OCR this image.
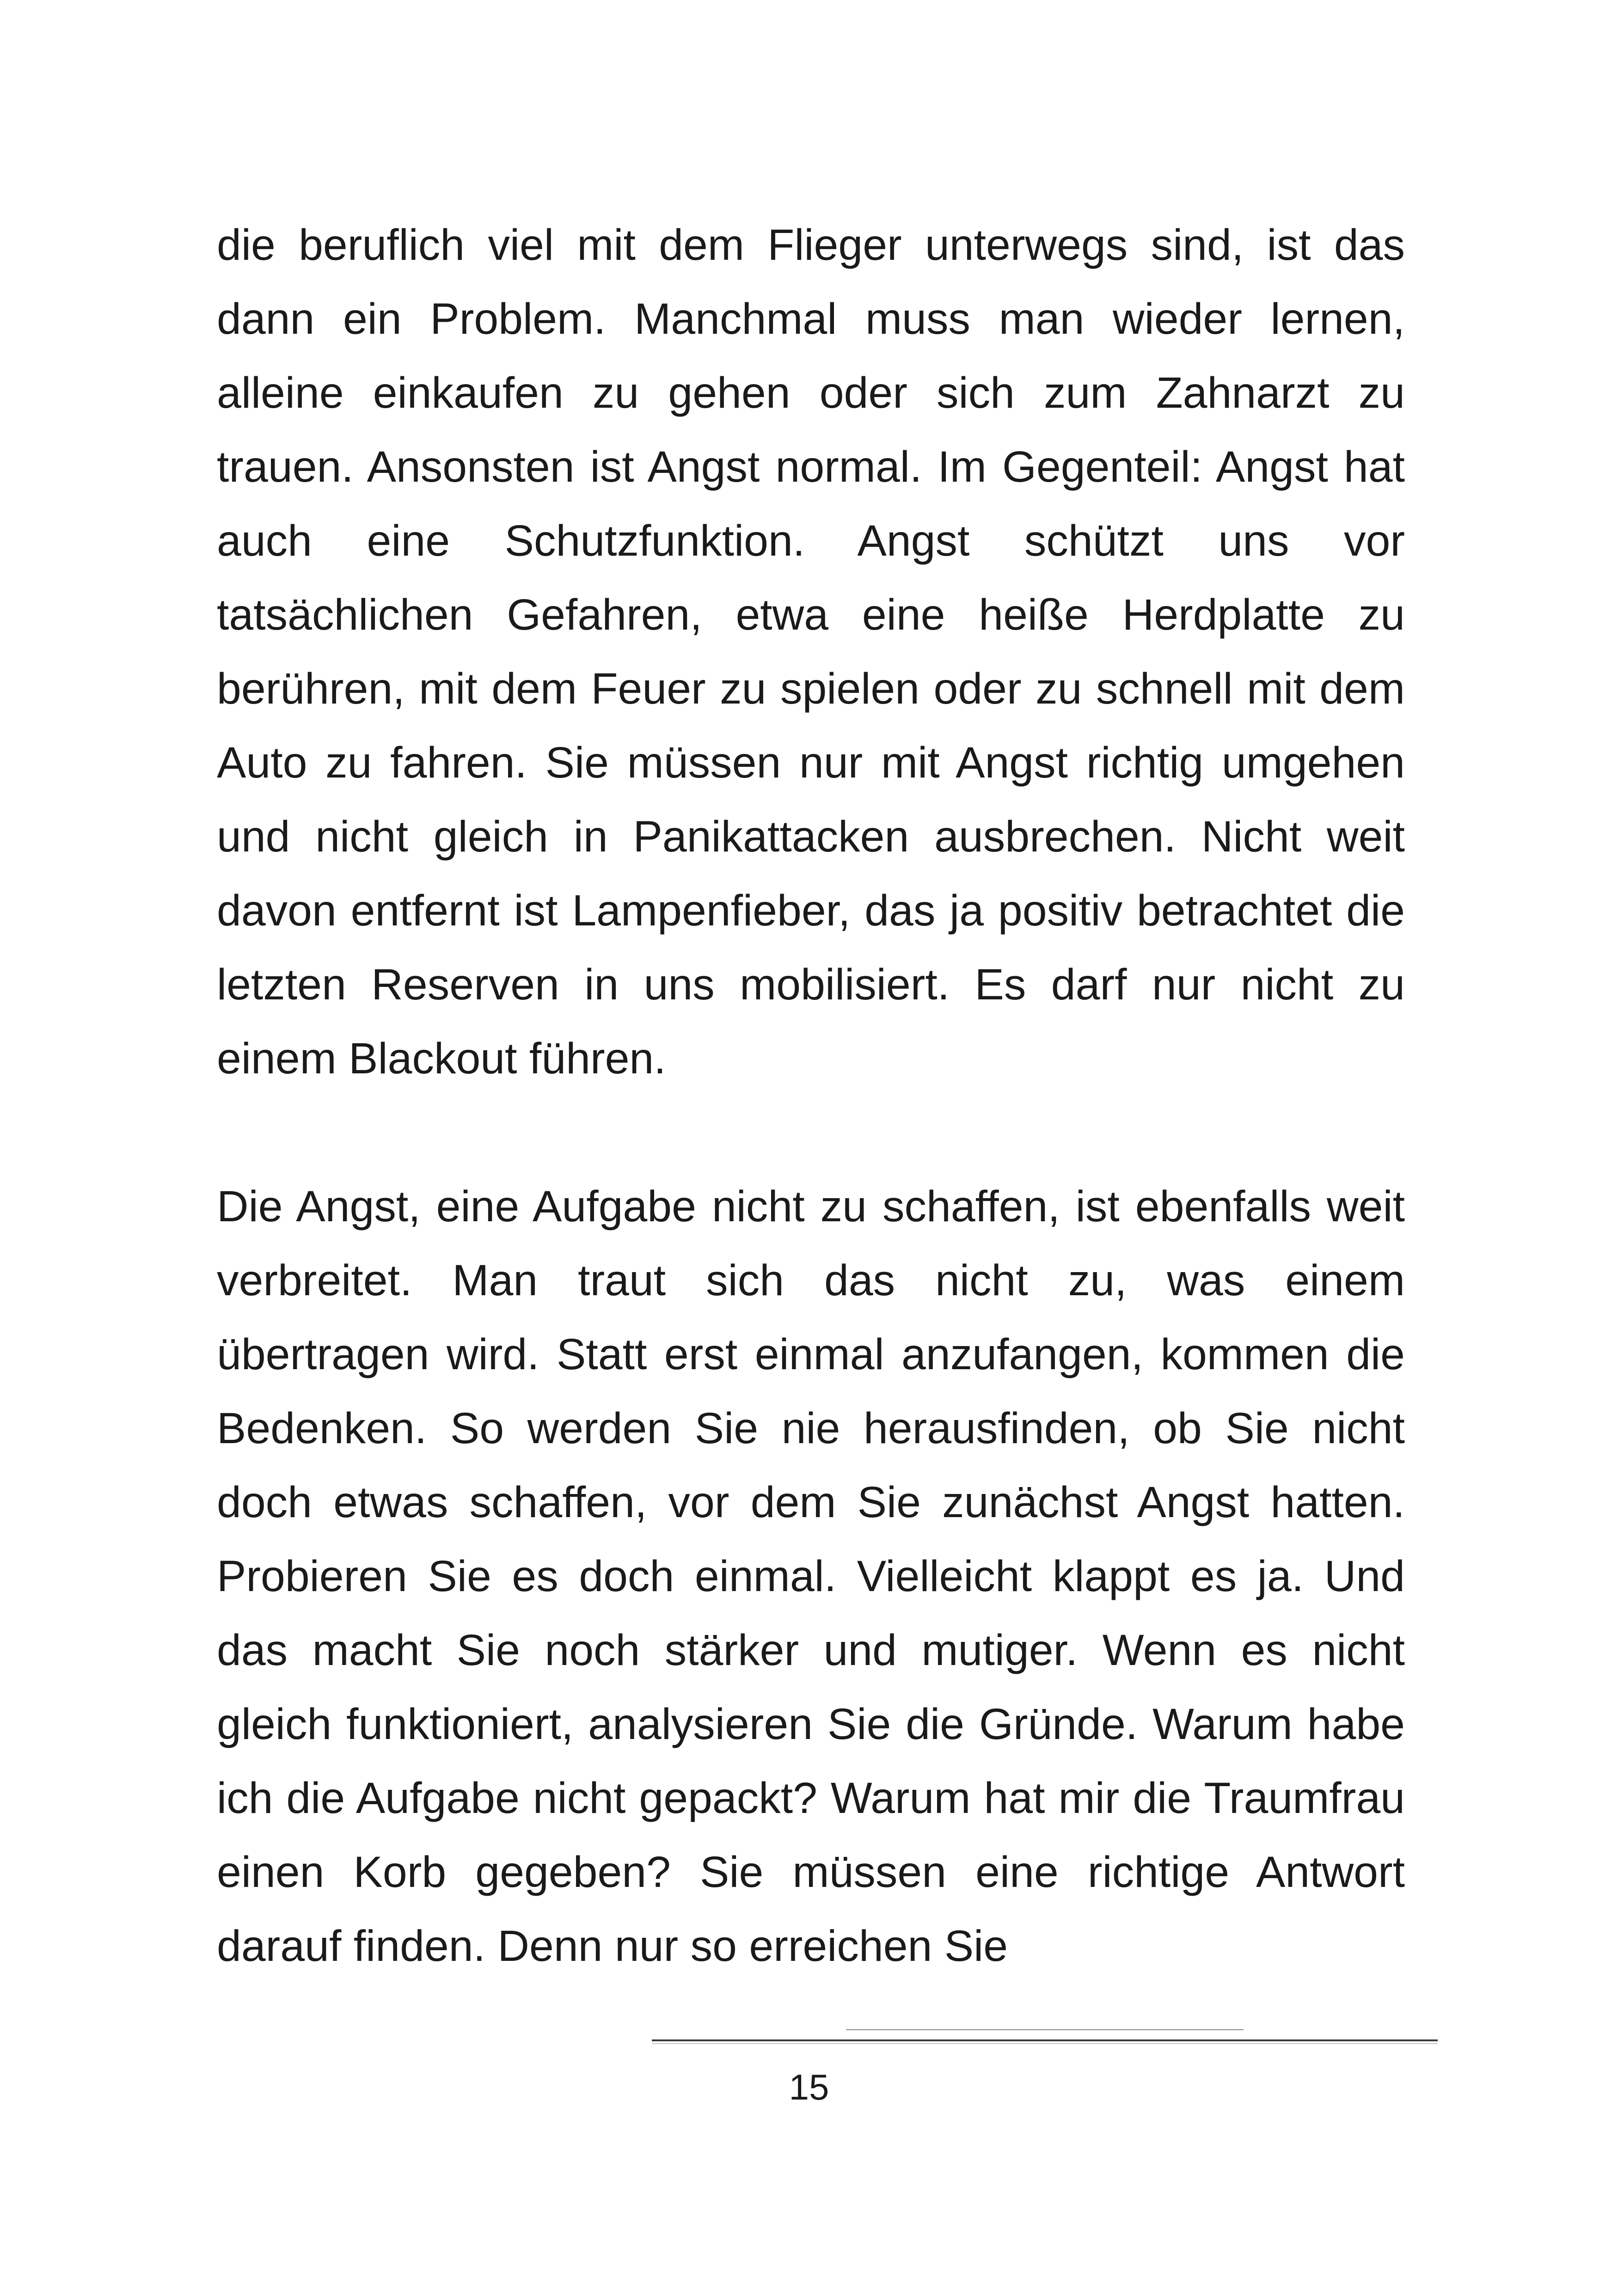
die beruflich viel mit dem Flieger unterwegs sind, ist das dann ein Problem. Manchmal muss man wieder lernen, alleine einkaufen zu gehen oder sich zum Zahnarzt zu trauen. Ansonsten ist Angst normal. Im Gegenteil: Angst hat auch eine Schutzfunktion. Angst schützt uns vor tatsächlichen Gefahren, etwa eine heiße Herdplatte zu berühren, mit dem Feuer zu spielen oder zu schnell mit dem Auto zu fahren. Sie müssen nur mit Angst richtig umgehen und nicht gleich in Panikattacken ausbrechen. Nicht weit davon entfernt ist Lampenfieber, das ja positiv betrachtet die letzten Reserven in uns mobilisiert. Es darf nur nicht zu einem Blackout führen.

Die Angst, eine Aufgabe nicht zu schaffen, ist ebenfalls weit verbreitet. Man traut sich das nicht zu, was einem übertragen wird. Statt erst einmal anzufangen, kommen die Bedenken. So werden Sie nie herausfinden, ob Sie nicht doch etwas schaffen, vor dem Sie zunächst Angst hatten. Probieren Sie es doch einmal. Vielleicht klappt es ja. Und das macht Sie noch stärker und mutiger. Wenn es nicht gleich funktioniert, analysieren Sie die Gründe. Warum habe ich die Aufgabe nicht gepackt? Warum hat mir die Traumfrau einen Korb gegeben? Sie müssen eine richtige Antwort darauf finden. Denn nur so erreichen Sie

15
